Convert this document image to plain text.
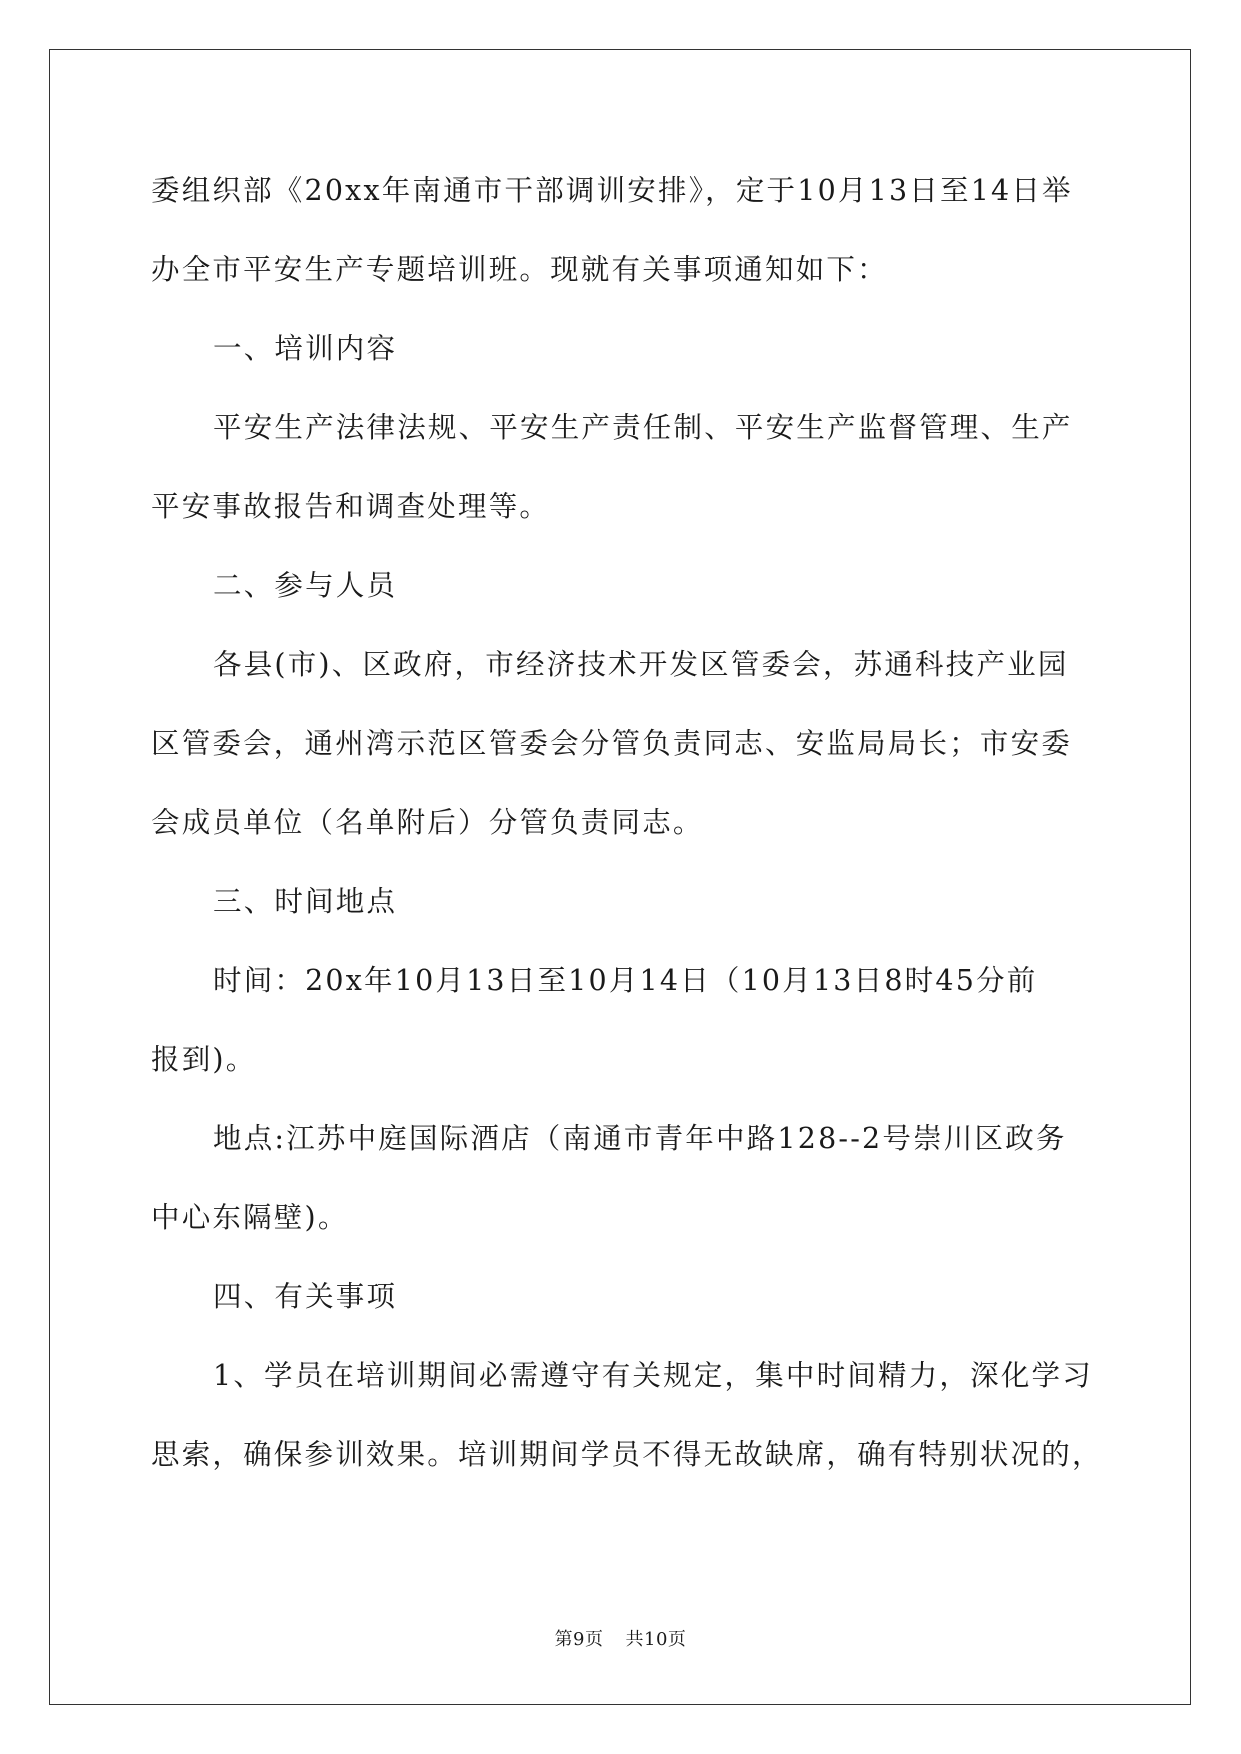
委组织部《20xx年南通市干部调训安排》，定于10月13日至14日举
办全市平安生产专题培训班。现就有关事项通知如下：
一、培训内容
平安生产法律法规、平安生产责任制、平安生产监督管理、生产
平安事故报告和调查处理等。
二、参与人员
各县(市)、区政府，市经济技术开发区管委会，苏通科技产业园
区管委会，通州湾示范区管委会分管负责同志、安监局局长；市安委
会成员单位（名单附后）分管负责同志。
三、时间地点
时间：20x年10月13日至10月14日（10月13日8时45分前
报到)。
地点:江苏中庭国际酒店（南通市青年中路128--2号崇川区政务
中心东隔壁)。
四、有关事项
1、学员在培训期间必需遵守有关规定，集中时间精力，深化学习
思索，确保参训效果。培训期间学员不得无故缺席，确有特别状况的，
第9页 共10页
